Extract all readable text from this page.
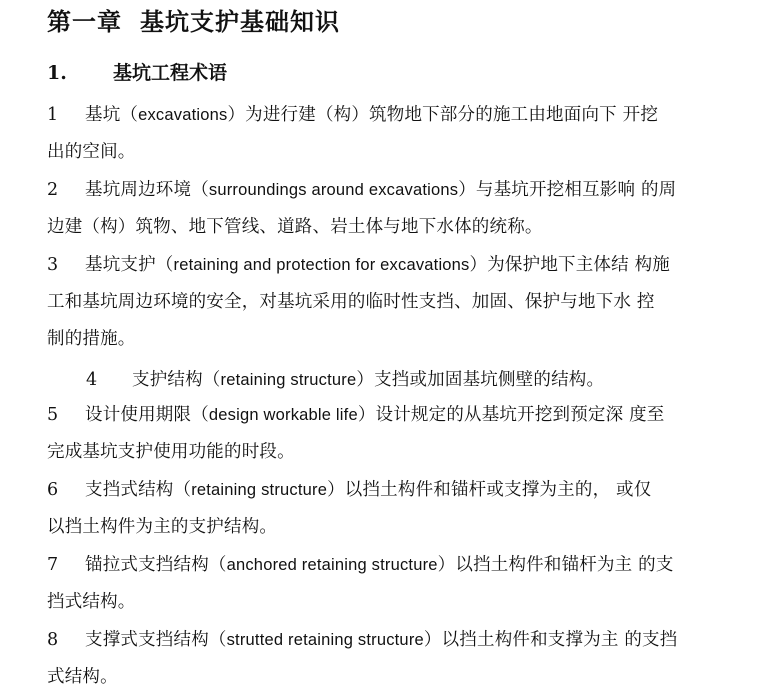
第一章 基坑支护基础知识
1. 基坑工程术语
1 基坑（excavations）为进行建（构）筑物地下部分的施工由地面向下 开挖
出的空间。
2 基坑周边环境（surroundings around excavations）与基坑开挖相互影响 的周
边建（构）筑物、地下管线、道路、岩土体与地下水体的统称。
3 基坑支护（retaining and protection for excavations）为保护地下主体结 构施
工和基坑周边环境的安全，对基坑采用的临时性支挡、加固、保护与地下水 控
制的措施。
4 支护结构（retaining structure）支挡或加固基坑侧壁的结构。
5 设计使用期限（design workable life）设计规定的从基坑开挖到预定深 度至
完成基坑支护使用功能的时段。
6 支挡式结构（retaining structure）以挡土构件和锚杆或支撑为主的， 或仅
以挡土构件为主的支护结构。
7 锚拉式支挡结构（anchored retaining structure）以挡土构件和锚杆为主 的支
挡式结构。
8 支撑式支挡结构（strutted retaining structure）以挡土构件和支撑为主 的支挡
式结构。
